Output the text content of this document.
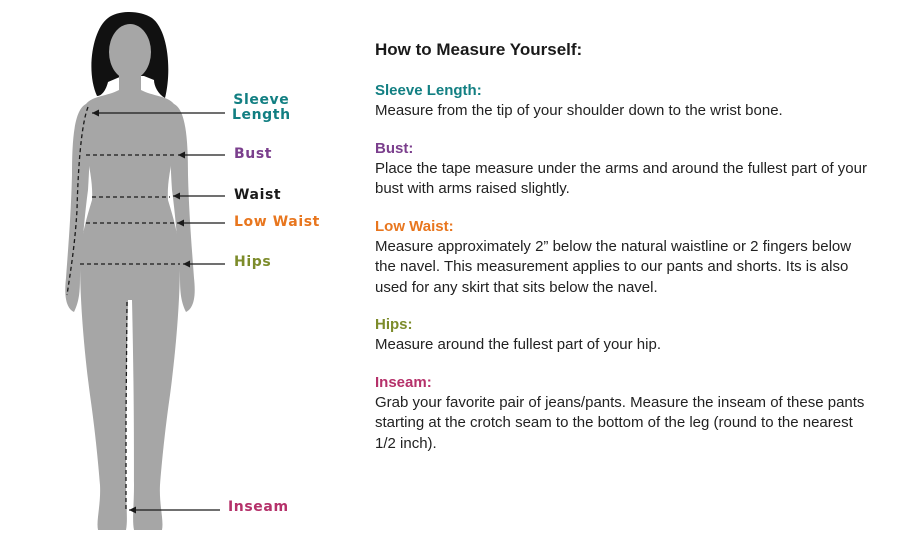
Sleeve
Length
Bust
Waist
Low Waist
Hips
Inseam
How to Measure Yourself:
Sleeve Length:
Measure from the tip of your shoulder down to the wrist bone.
Bust:
Place the tape measure under the arms and around the fullest part of your bust with arms raised slightly.
Low Waist:
Measure approximately 2” below the natural waistline or 2 fingers below the navel. This measurement applies to our pants and shorts. Its is also used for any skirt that sits below the navel.
Hips:
Measure around the fullest part of your hip.
Inseam:
Grab your favorite pair of jeans/pants. Measure the inseam of these pants starting at the crotch seam to the bottom of the leg (round to the nearest 1/2 inch).
